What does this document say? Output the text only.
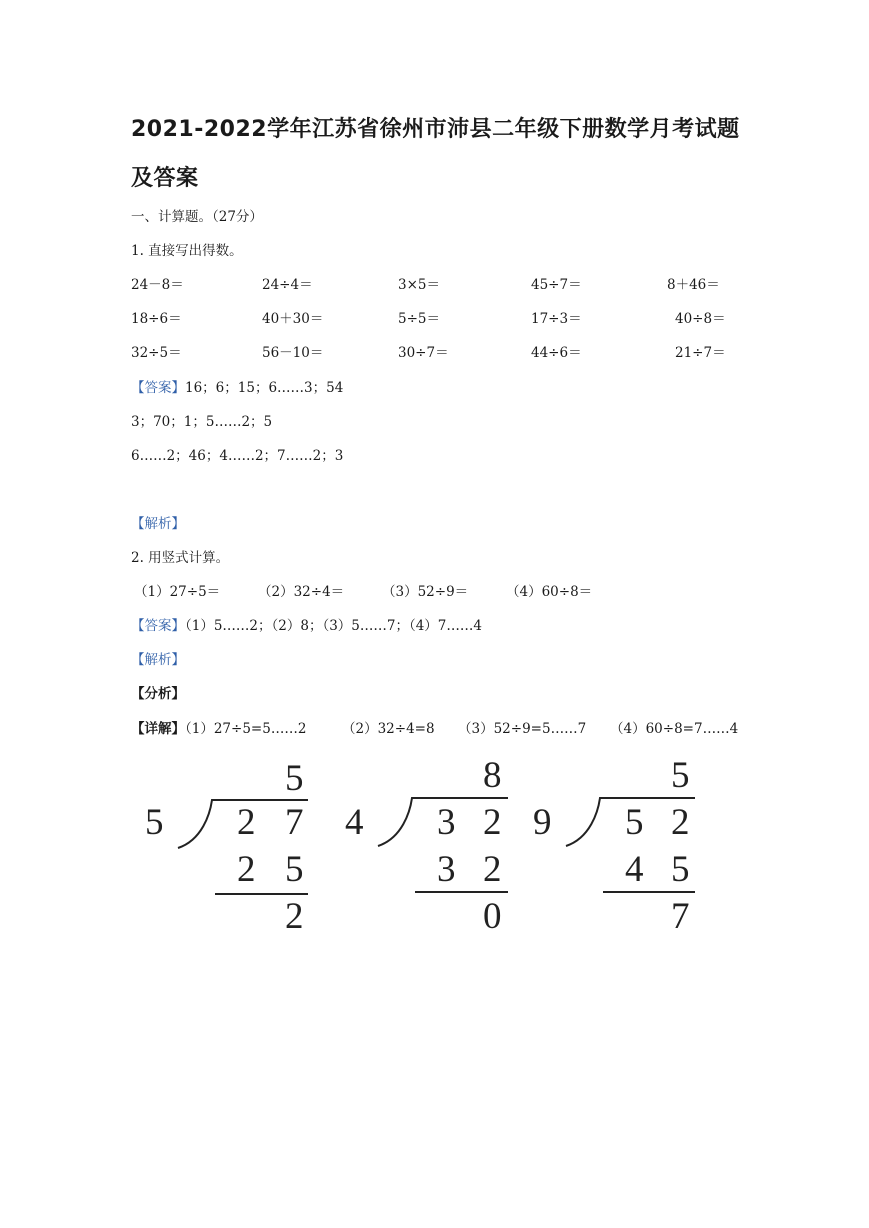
2021-2022学年江苏省徐州市沛县二年级下册数学月考试题
及答案
一、计算题。（27分）
1. 直接写出得数。
24－8＝	24÷4＝	3×5＝	45÷7＝	8＋46＝
18÷6＝	40＋30＝	5÷5＝	17÷3＝	40÷8＝
32÷5＝	56－10＝	30÷7＝	44÷6＝	21÷7＝
【答案】16；6；15；6……3；54
3；70；1；5……2；5
6……2；46；4……2；7……2；3
【解析】
2. 用竖式计算。
（1）27÷5＝	（2）32÷4＝	（3）52÷9＝	（4）60÷8＝
【答案】（1）5……2；（2）8；（3）5……7；（4）7……4
【解析】
【分析】
【详解】（1）27÷5=5……2	（2）32÷4=8 （3）52÷9=5……7 （4）60÷8=7……4
5
5 2 7
2 5
2
8
4 3 2
3 2
0
5
9 5 2
4 5
7
